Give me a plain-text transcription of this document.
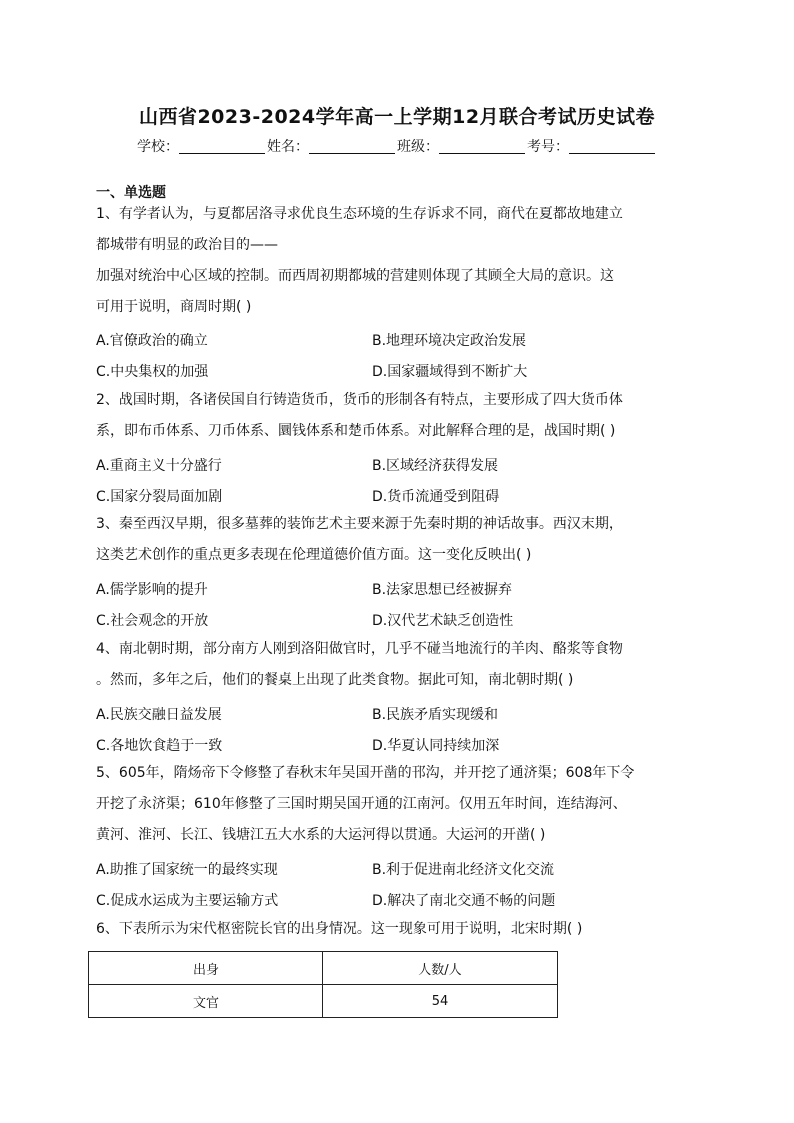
山西省2023-2024学年高一上学期12月联合考试历史试卷
学校：	姓名：	班级：	考号：
一、单选题
1、有学者认为，与夏都居洛寻求优良生态环境的生存诉求不同，商代在夏都故地建立
都城带有明显的政治目的——
加强对统治中心区域的控制。而西周初期都城的营建则体现了其顾全大局的意识。这
可用于说明，商周时期( )
A.官僚政治的确立	B.地理环境决定政治发展
C.中央集权的加强	D.国家疆域得到不断扩大
2、战国时期，各诸侯国自行铸造货币，货币的形制各有特点，主要形成了四大货币体
系，即布币体系、刀币体系、圜钱体系和楚币体系。对此解释合理的是，战国时期( )
A.重商主义十分盛行	B.区域经济获得发展
C.国家分裂局面加剧	D.货币流通受到阻碍
3、秦至西汉早期，很多墓葬的装饰艺术主要来源于先秦时期的神话故事。西汉末期，
这类艺术创作的重点更多表现在伦理道德价值方面。这一变化反映出( )
A.儒学影响的提升	B.法家思想已经被摒弃
C.社会观念的开放	D.汉代艺术缺乏创造性
4、南北朝时期，部分南方人刚到洛阳做官时，几乎不碰当地流行的羊肉、酪浆等食物
。然而，多年之后，他们的餐桌上出现了此类食物。据此可知，南北朝时期( )
A.民族交融日益发展	B.民族矛盾实现缓和
C.各地饮食趋于一致	D.华夏认同持续加深
5、605年，隋炀帝下令修整了春秋末年吴国开凿的邗沟，并开挖了通济渠；608年下令
开挖了永济渠；610年修整了三国时期吴国开通的江南河。仅用五年时间，连结海河、
黄河、淮河、长江、钱塘江五大水系的大运河得以贯通。大运河的开凿( )
A.助推了国家统一的最终实现	B.利于促进南北经济文化交流
C.促成水运成为主要运输方式	D.解决了南北交通不畅的问题
6、下表所示为宋代枢密院长官的出身情况。这一现象可用于说明，北宋时期( )
出身	人数/人
文官	54
